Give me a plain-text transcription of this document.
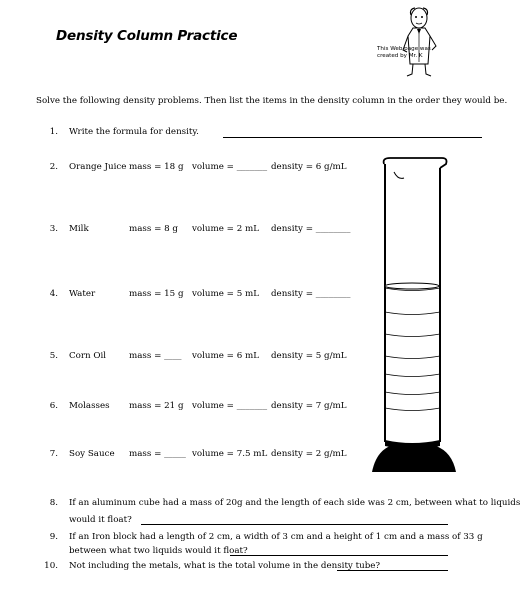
Density Column Practice
This Web page was created by Mr. K
Solve the following density problems. Then list the items in the density column in the order they would be.
1. Write the formula for density.
2. Orange Juice mass = 18 g volume = _______ density = 6 g/mL
3. Milk	mass = 8 g volume = 2 mL density = ________
4. Water	mass = 15 g volume = 5 mL density = ________
5. Corn Oil	mass = ____ volume = 6 mL density = 5 g/mL
6. Molasses mass = 21 g volume = _______ density = 7 g/mL
7. Soy Sauce mass = _____ volume = 7.5 mL density = 2 g/mL
8. If an aluminum cube had a mass of 20g and the length of each side was 2 cm, between what to liquids
would it float?
9. If an Iron block had a length of 2 cm, a width of 3 cm and a height of 1 cm and a mass of 33 g
between what two liquids would it float?
10. Not including the metals, what is the total volume in the density tube?
